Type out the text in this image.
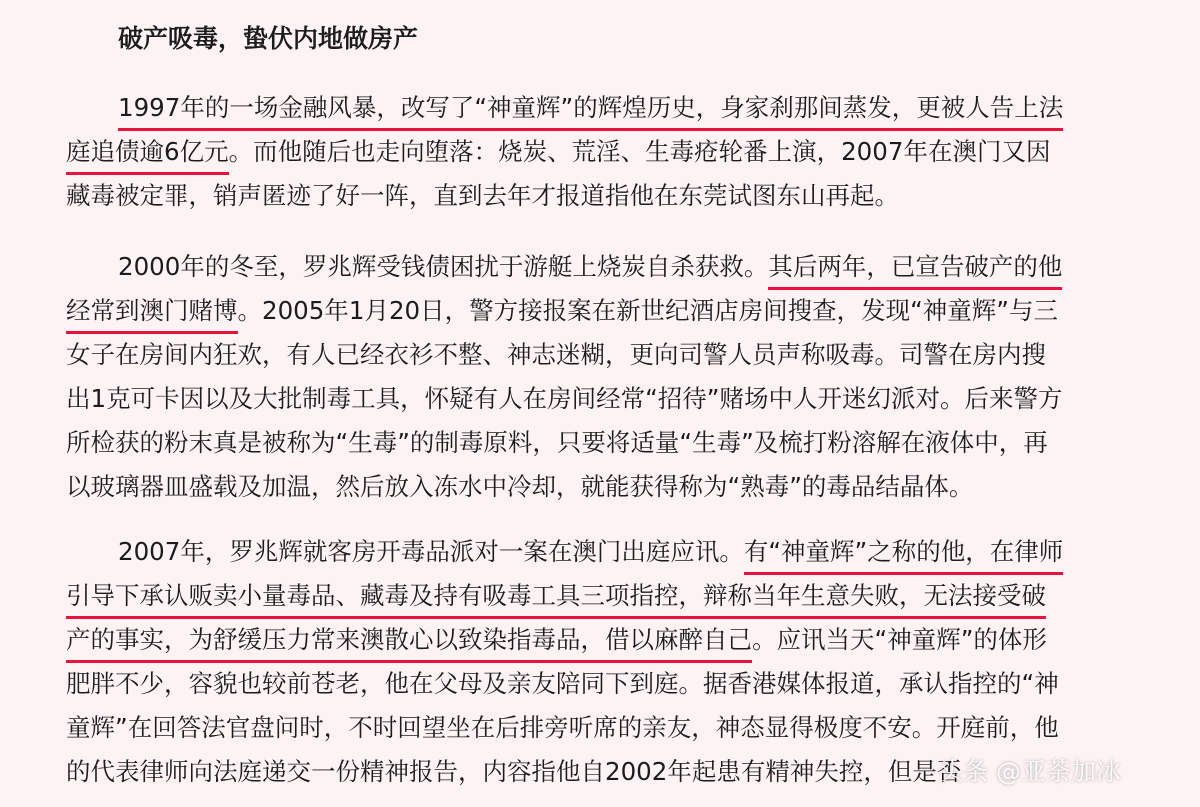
破产吸毒，蛰伏内地做房产
1997年的一场金融风暴，改写了“神童辉”的辉煌历史，身家刹那间蒸发，更被人告上法
庭追债逾6亿元。而他随后也走向堕落：烧炭、荒淫、生毒疮轮番上演，2007年在澳门又因
藏毒被定罪，销声匿迹了好一阵，直到去年才报道指他在东莞试图东山再起。
2000年的冬至，罗兆辉受钱债困扰于游艇上烧炭自杀获救。其后两年，已宣告破产的他
经常到澳门赌博。2005年1月20日，警方接报案在新世纪酒店房间搜查，发现“神童辉”与三
女子在房间内狂欢，有人已经衣衫不整、神志迷糊，更向司警人员声称吸毒。司警在房内搜
出1克可卡因以及大批制毒工具，怀疑有人在房间经常“招待”赌场中人开迷幻派对。后来警方
所检获的粉末真是被称为“生毒”的制毒原料，只要将适量“生毒”及梳打粉溶解在液体中，再
以玻璃器皿盛载及加温，然后放入冻水中冷却，就能获得称为“熟毒”的毒品结晶体。
2007年，罗兆辉就客房开毒品派对一案在澳门出庭应讯。有“神童辉”之称的他，在律师
引导下承认贩卖小量毒品、藏毒及持有吸毒工具三项指控，辩称当年生意失败，无法接受破
产的事实，为舒缓压力常来澳散心以致染指毒品，借以麻醉自己。应讯当天“神童辉”的体形
肥胖不少，容貌也较前苍老，他在父母及亲友陪同下到庭。据香港媒体报道，承认指控的“神
童辉”在回答法官盘问时，不时回望坐在后排旁听席的亲友，神态显得极度不安。开庭前，他
的代表律师向法庭递交一份精神报告，内容指他自2002年起患有精神失控，但是否
头条 @亚荼加冰
